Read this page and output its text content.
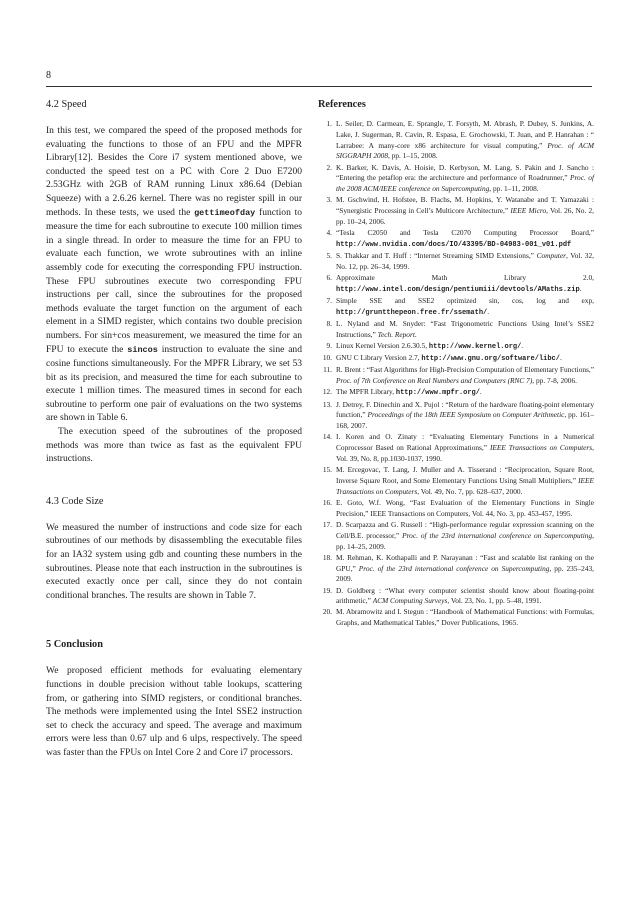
8
4.2 Speed

In this test, we compared the speed of the proposed methods for evaluating the functions to those of an FPU and the MPFR Library[12]. Besides the Core i7 system mentioned above, we conducted the speed test on a PC with Core 2 Duo E7200 2.53GHz with 2GB of RAM running Linux x86.64 (Debian Squeeze) with a 2.6.26 kernel. There was no register spill in our methods. In these tests, we used the gettimeofday function to measure the time for each subroutine to execute 100 million times in a single thread. In order to measure the time for an FPU to evaluate each function, we wrote subroutines with an inline assembly code for executing the corresponding FPU instruction. These FPU subroutines execute two corresponding FPU instructions per call, since the subroutines for the proposed methods evaluate the target function on the argument of each element in a SIMD register, which contains two double precision numbers. For sin+cos measurement, we measured the time for an FPU to execute the sincos instruction to evaluate the sine and cosine functions simultaneously. For the MPFR Library, we set 53 bit as its precision, and measured the time for each subroutine to execute 1 million times. The measured times in second for each subroutine to perform one pair of evaluations on the two systems are shown in Table 6.

The execution speed of the subroutines of the proposed methods was more than twice as fast as the equivalent FPU instructions.

4.3 Code Size

We measured the number of instructions and code size for each subroutines of our methods by disassembling the executable files for an IA32 system using gdb and counting these numbers in the subroutines. Please note that each instruction in the subroutines is executed exactly once per call, since they do not contain conditional branches. The results are shown in Table 7.

5 Conclusion

We proposed efficient methods for evaluating elementary functions in double precision without table lookups, scattering from, or gathering into SIMD registers, or conditional branches. The methods were implemented using the Intel SSE2 instruction set to check the accuracy and speed. The average and maximum errors were less than 0.67 ulp and 6 ulps, respectively. The speed was faster than the FPUs on Intel Core 2 and Core i7 processors.

References
1. L. Seiler, D. Carmean, E. Sprangle, T. Forsyth, M. Abrash, P. Dubey, S. Junkins, A. Lake, J. Sugerman, R. Cavin, R. Espasa, E. Grochowski, T. Juan, and P. Hanrahan : “ Larrabee: A many-core x86 architecture for visual computing,” Proc. of ACM SIGGRAPH 2008, pp. 1–15, 2008.
2. K. Barker, K. Davis, A. Hoisie, D. Kerbyson, M. Lang, S. Pakin and J. Sancho : “Entering the petaflop era: the architecture and performance of Roadrunner,” Proc. of the 2008 ACM/IEEE conference on Supercomputing, pp. 1–11, 2008.
3. M. Gschwind, H. Hofstee, B. Flachs, M. Hopkins, Y. Watanabe and T. Yamazaki : “Synergistic Processing in Cell’s Multicore Architecture,” IEEE Micro, Vol. 26, No. 2, pp. 10–24, 2006.
4. “Tesla C2050 and Tesla C2070 Computing Processor Board,” http://www.nvidia.com/docs/IO/43395/BD-04983-001_v01.pdf
5. S. Thakkar and T. Huff : “Internet Streaming SIMD Extensions,” Computer, Vol. 32, No. 12, pp. 26–34, 1999.
6. Approximate Math Library 2.0, http://www.intel.com/design/pentiumiii/devtools/AMaths.zip.
7. Simple SSE and SSE2 optimized sin, cos, log and exp, http://gruntthepeon.free.fr/ssemath/.
8. L. Nyland and M. Snyder: “Fast Trigonometric Functions Using Intel’s SSE2 Instructions,” Tech. Report.
9. Linux Kernel Version 2.6.30.5, http://www.kernel.org/.
10. GNU C Library Version 2.7, http://www.gnu.org/software/libc/.
11. R. Brent : “Fast Algorithms for High-Precision Computation of Elementary Functions,” Proc. of 7th Conference on Real Numbers and Computers (RNC 7), pp. 7-8, 2006.
12. The MPFR Library, http://www.mpfr.org/.
13. J. Detrey, F. Dinechin and X. Pujol : “Return of the hardware floating-point elementary function,” Proceedings of the 18th IEEE Symposium on Computer Arithmetic, pp. 161–168, 2007.
14. I. Koren and O. Zinaty : “Evaluating Elementary Functions in a Numerical Coprocessor Based on Rational Approximations,” IEEE Transactions on Computers, Vol. 39, No. 8, pp.1030-1037, 1990.
15. M. Ercegovac, T. Lang, J. Muller and A. Tisserand : “Reciprocation, Square Root, Inverse Square Root, and Some Elementary Functions Using Small Multipliers,” IEEE Transactions on Computers, Vol. 49, No. 7, pp. 628–637, 2000.
16. E. Goto, W.f. Wong, “Fast Evaluation of the Elementary Functions in Single Precision,” IEEE Transactions on Computers, Vol. 44, No. 3, pp. 453-457, 1995.
17. D. Scarpazza and G. Russell : “High-performance regular expression scanning on the Cell/B.E. processor,” Proc. of the 23rd international conference on Supercomputing, pp. 14–25, 2009.
18. M. Rehman, K. Kothapalli and P. Narayanan : “Fast and scalable list ranking on the GPU,” Proc. of the 23rd international conference on Supercomputing, pp. 235–243, 2009.
19. D. Goldberg : “What every computer scientist should know about floating-point arithmetic,” ACM Computing Surveys, Vol. 23, No. 1, pp. 5–48, 1991.
20. M. Abramowitz and I. Stegun : “Handbook of Mathematical Functions: with Formulas, Graphs, and Mathematical Tables,” Dover Publications, 1965.
